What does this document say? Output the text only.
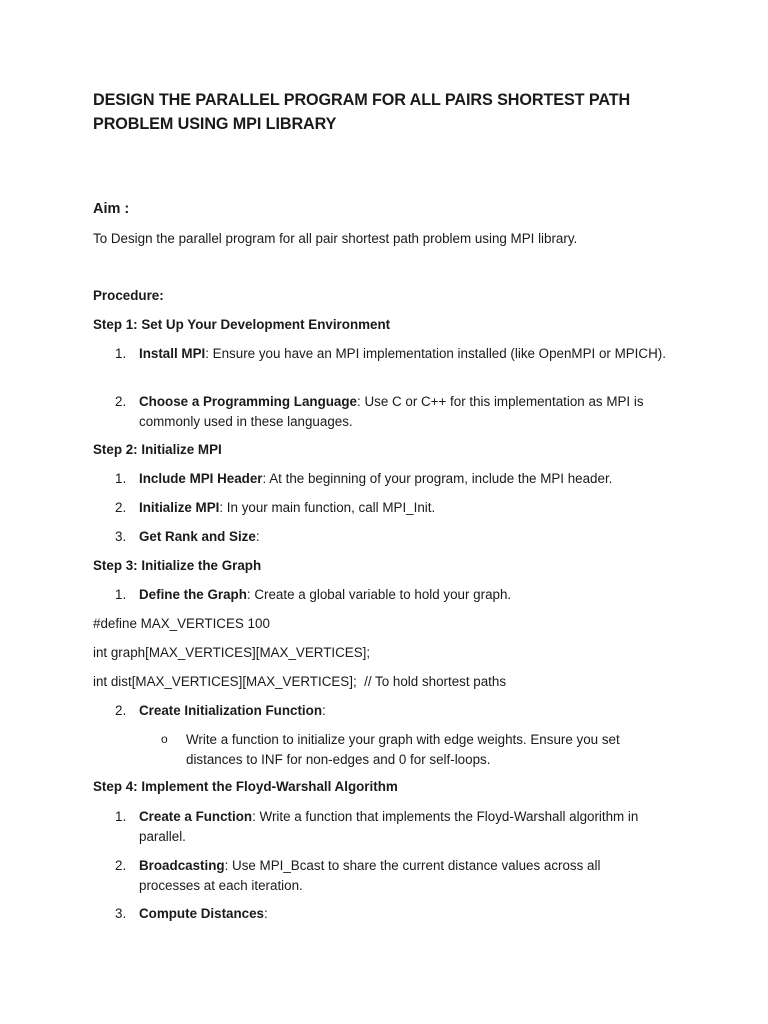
DESIGN THE PARALLEL PROGRAM FOR ALL PAIRS SHORTEST PATH
PROBLEM USING MPI LIBRARY
Aim :
To Design the parallel program for all pair shortest path problem using MPI library.
Procedure:
Step 1: Set Up Your Development Environment
1. Install MPI: Ensure you have an MPI implementation installed (like OpenMPI or MPICH).
2. Choose a Programming Language: Use C or C++ for this implementation as MPI is commonly used in these languages.
Step 2: Initialize MPI
1. Include MPI Header: At the beginning of your program, include the MPI header.
2. Initialize MPI: In your main function, call MPI_Init.
3. Get Rank and Size:
Step 3: Initialize the Graph
1. Define the Graph: Create a global variable to hold your graph.
#define MAX_VERTICES 100
int graph[MAX_VERTICES][MAX_VERTICES];
int dist[MAX_VERTICES][MAX_VERTICES];  // To hold shortest paths
2. Create Initialization Function:
o Write a function to initialize your graph with edge weights. Ensure you set distances to INF for non-edges and 0 for self-loops.
Step 4: Implement the Floyd-Warshall Algorithm
1. Create a Function: Write a function that implements the Floyd-Warshall algorithm in parallel.
2. Broadcasting: Use MPI_Bcast to share the current distance values across all processes at each iteration.
3. Compute Distances:
